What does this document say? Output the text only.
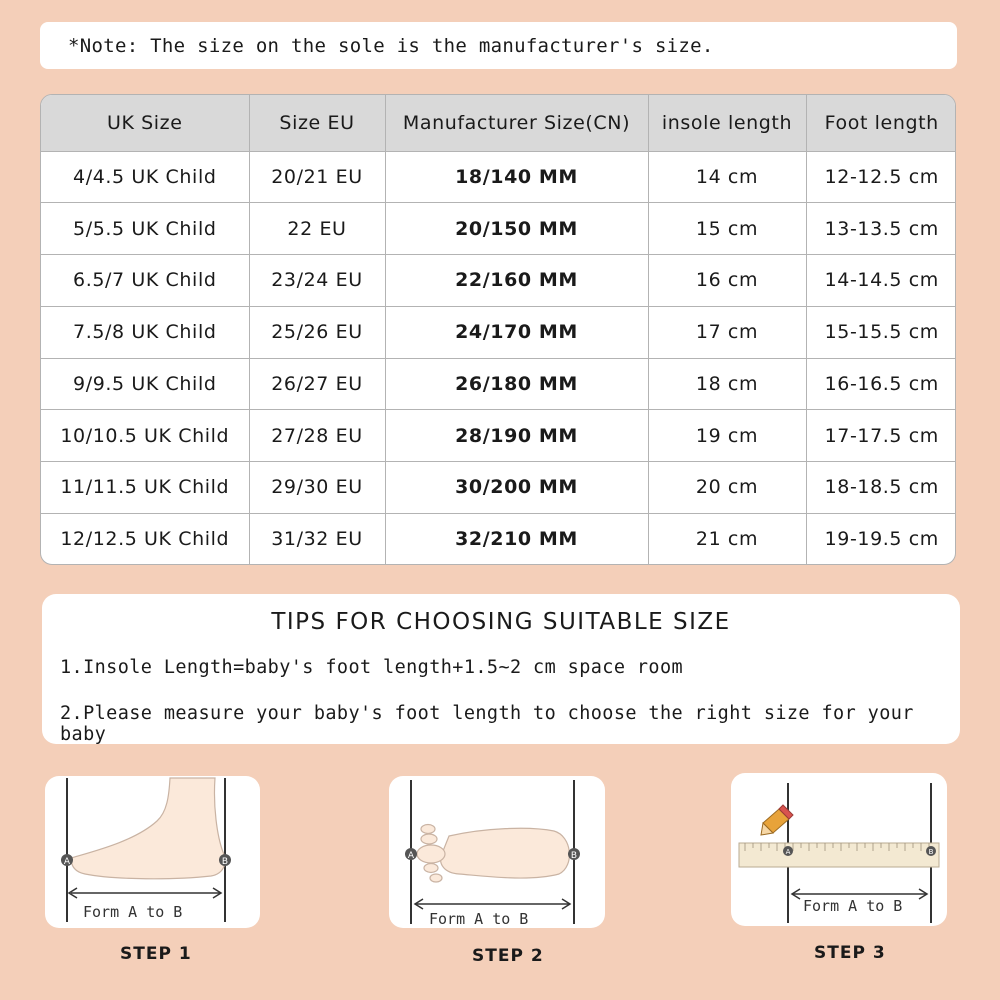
*Note: The size on the sole is the manufacturer's size.
UK Size	Size EU	Manufacturer Size(CN)	insole length	Foot length
4/4.5 UK Child	20/21 EU	18/140 MM	14 cm	12-12.5 cm
5/5.5 UK Child	22 EU	20/150 MM	15 cm	13-13.5 cm
6.5/7 UK Child	23/24 EU	22/160 MM	16 cm	14-14.5 cm
7.5/8 UK Child	25/26 EU	24/170 MM	17 cm	15-15.5 cm
9/9.5 UK Child	26/27 EU	26/180 MM	18 cm	16-16.5 cm
10/10.5 UK Child	27/28 EU	28/190 MM	19 cm	17-17.5 cm
11/11.5 UK Child	29/30 EU	30/200 MM	20 cm	18-18.5 cm
12/12.5 UK Child	31/32 EU	32/210 MM	21 cm	19-19.5 cm
TIPS FOR CHOOSING SUITABLE SIZE
1.Insole Length=baby's foot length+1.5~2 cm space room
2.Please measure your baby's foot length to choose the right size for your baby
A	B
Form A to B
A	B
Form A to B
A	B
Form A to B
STEP 1	STEP 2	STEP 3
